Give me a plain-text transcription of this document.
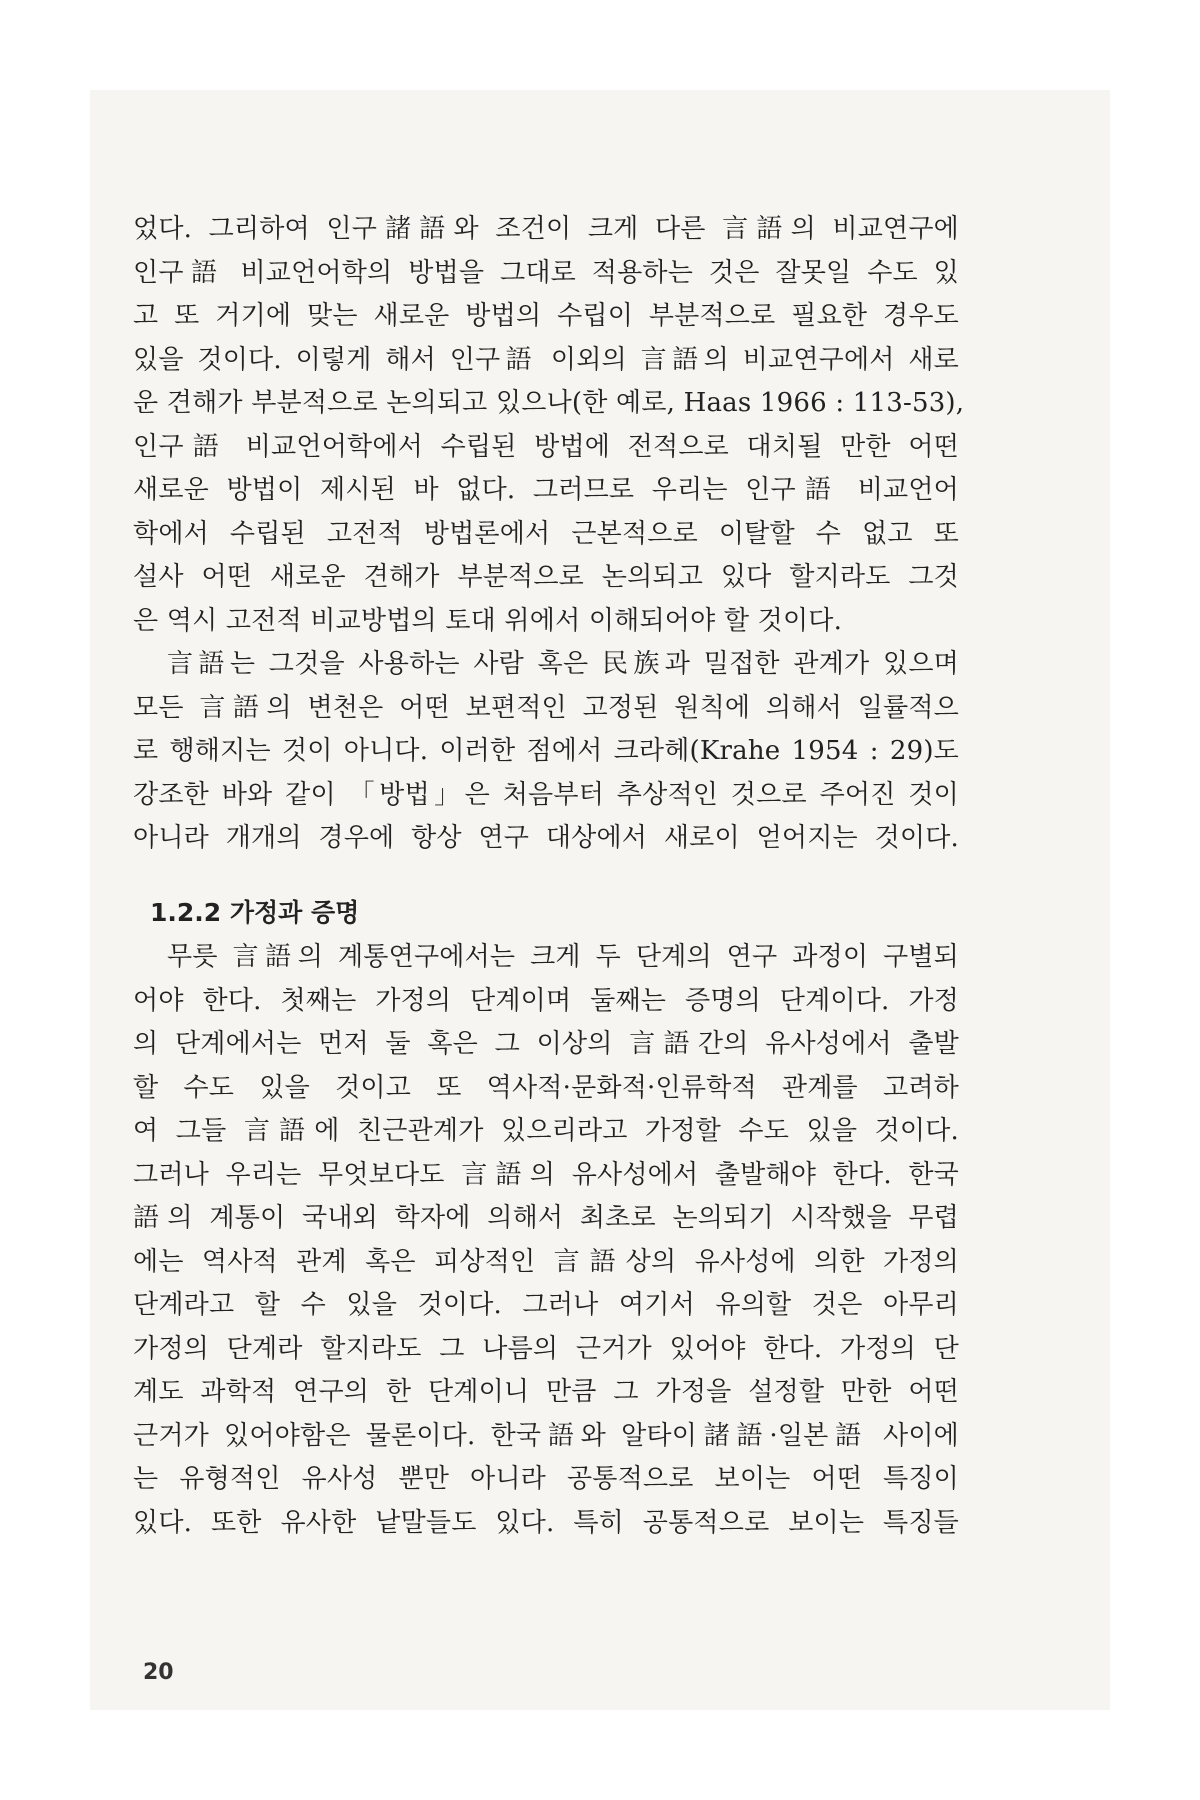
었다. 그리하여 인구諸語와 조건이 크게 다른 言語의 비교연구에
인구語 비교언어학의 방법을 그대로 적용하는 것은 잘못일 수도 있
고 또 거기에 맞는 새로운 방법의 수립이 부분적으로 필요한 경우도
있을 것이다. 이렇게 해서 인구語 이외의 言語의 비교연구에서 새로
운 견해가 부분적으로 논의되고 있으나(한 예로, Haas 1966 : 113-53),
인구語 비교언어학에서 수립된 방법에 전적으로 대치될 만한 어떤
새로운 방법이 제시된 바 없다. 그러므로 우리는 인구語 비교언어
학에서 수립된 고전적 방법론에서 근본적으로 이탈할 수 없고 또
설사 어떤 새로운 견해가 부분적으로 논의되고 있다 할지라도 그것
은 역시 고전적 비교방법의 토대 위에서 이해되어야 할 것이다.
言語는 그것을 사용하는 사람 혹은 民族과 밀접한 관계가 있으며
모든 言語의 변천은 어떤 보편적인 고정된 원칙에 의해서 일률적으
로 행해지는 것이 아니다. 이러한 점에서 크라헤(Krahe 1954 : 29)도
강조한 바와 같이 「방법」은 처음부터 추상적인 것으로 주어진 것이
아니라 개개의 경우에 항상 연구 대상에서 새로이 얻어지는 것이다.
1.2.2 가정과 증명
무릇 言語의 계통연구에서는 크게 두 단계의 연구 과정이 구별되
어야 한다. 첫째는 가정의 단계이며 둘째는 증명의 단계이다. 가정
의 단계에서는 먼저 둘 혹은 그 이상의 言語간의 유사성에서 출발
할 수도 있을 것이고 또 역사적·문화적·인류학적 관계를 고려하
여 그들 言語에 친근관계가 있으리라고 가정할 수도 있을 것이다.
그러나 우리는 무엇보다도 言語의 유사성에서 출발해야 한다. 한국
語의 계통이 국내외 학자에 의해서 최초로 논의되기 시작했을 무렵
에는 역사적 관계 혹은 피상적인 言語상의 유사성에 의한 가정의
단계라고 할 수 있을 것이다. 그러나 여기서 유의할 것은 아무리
가정의 단계라 할지라도 그 나름의 근거가 있어야 한다. 가정의 단
계도 과학적 연구의 한 단계이니 만큼 그 가정을 설정할 만한 어떤
근거가 있어야함은 물론이다. 한국語와 알타이諸語·일본語 사이에
는 유형적인 유사성 뿐만 아니라 공통적으로 보이는 어떤 특징이
있다. 또한 유사한 낱말들도 있다. 특히 공통적으로 보이는 특징들
20
